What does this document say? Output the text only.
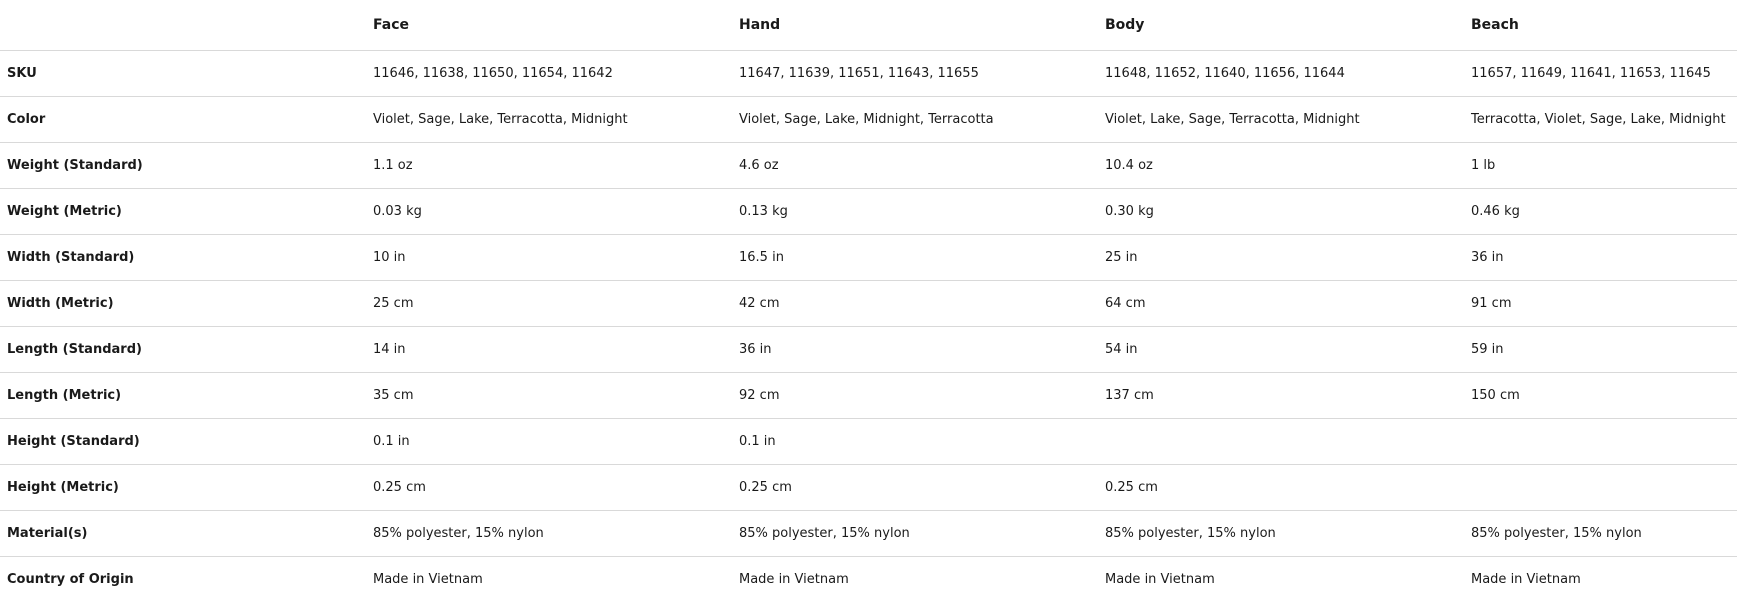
	Face	Hand	Body	Beach
SKU	11646, 11638, 11650, 11654, 11642	11647, 11639, 11651, 11643, 11655	11648, 11652, 11640, 11656, 11644	11657, 11649, 11641, 11653, 11645
Color	Violet, Sage, Lake, Terracotta, Midnight	Violet, Sage, Lake, Midnight, Terracotta	Violet, Lake, Sage, Terracotta, Midnight	Terracotta, Violet, Sage, Lake, Midnight
Weight (Standard)	1.1 oz	4.6 oz	10.4 oz	1 lb
Weight (Metric)	0.03 kg	0.13 kg	0.30 kg	0.46 kg
Width (Standard)	10 in	16.5 in	25 in	36 in
Width (Metric)	25 cm	42 cm	64 cm	91 cm
Length (Standard)	14 in	36 in	54 in	59 in
Length (Metric)	35 cm	92 cm	137 cm	150 cm
Height (Standard)	0.1 in	0.1 in		
Height (Metric)	0.25 cm	0.25 cm	0.25 cm	
Material(s)	85% polyester, 15% nylon	85% polyester, 15% nylon	85% polyester, 15% nylon	85% polyester, 15% nylon
Country of Origin	Made in Vietnam	Made in Vietnam	Made in Vietnam	Made in Vietnam
